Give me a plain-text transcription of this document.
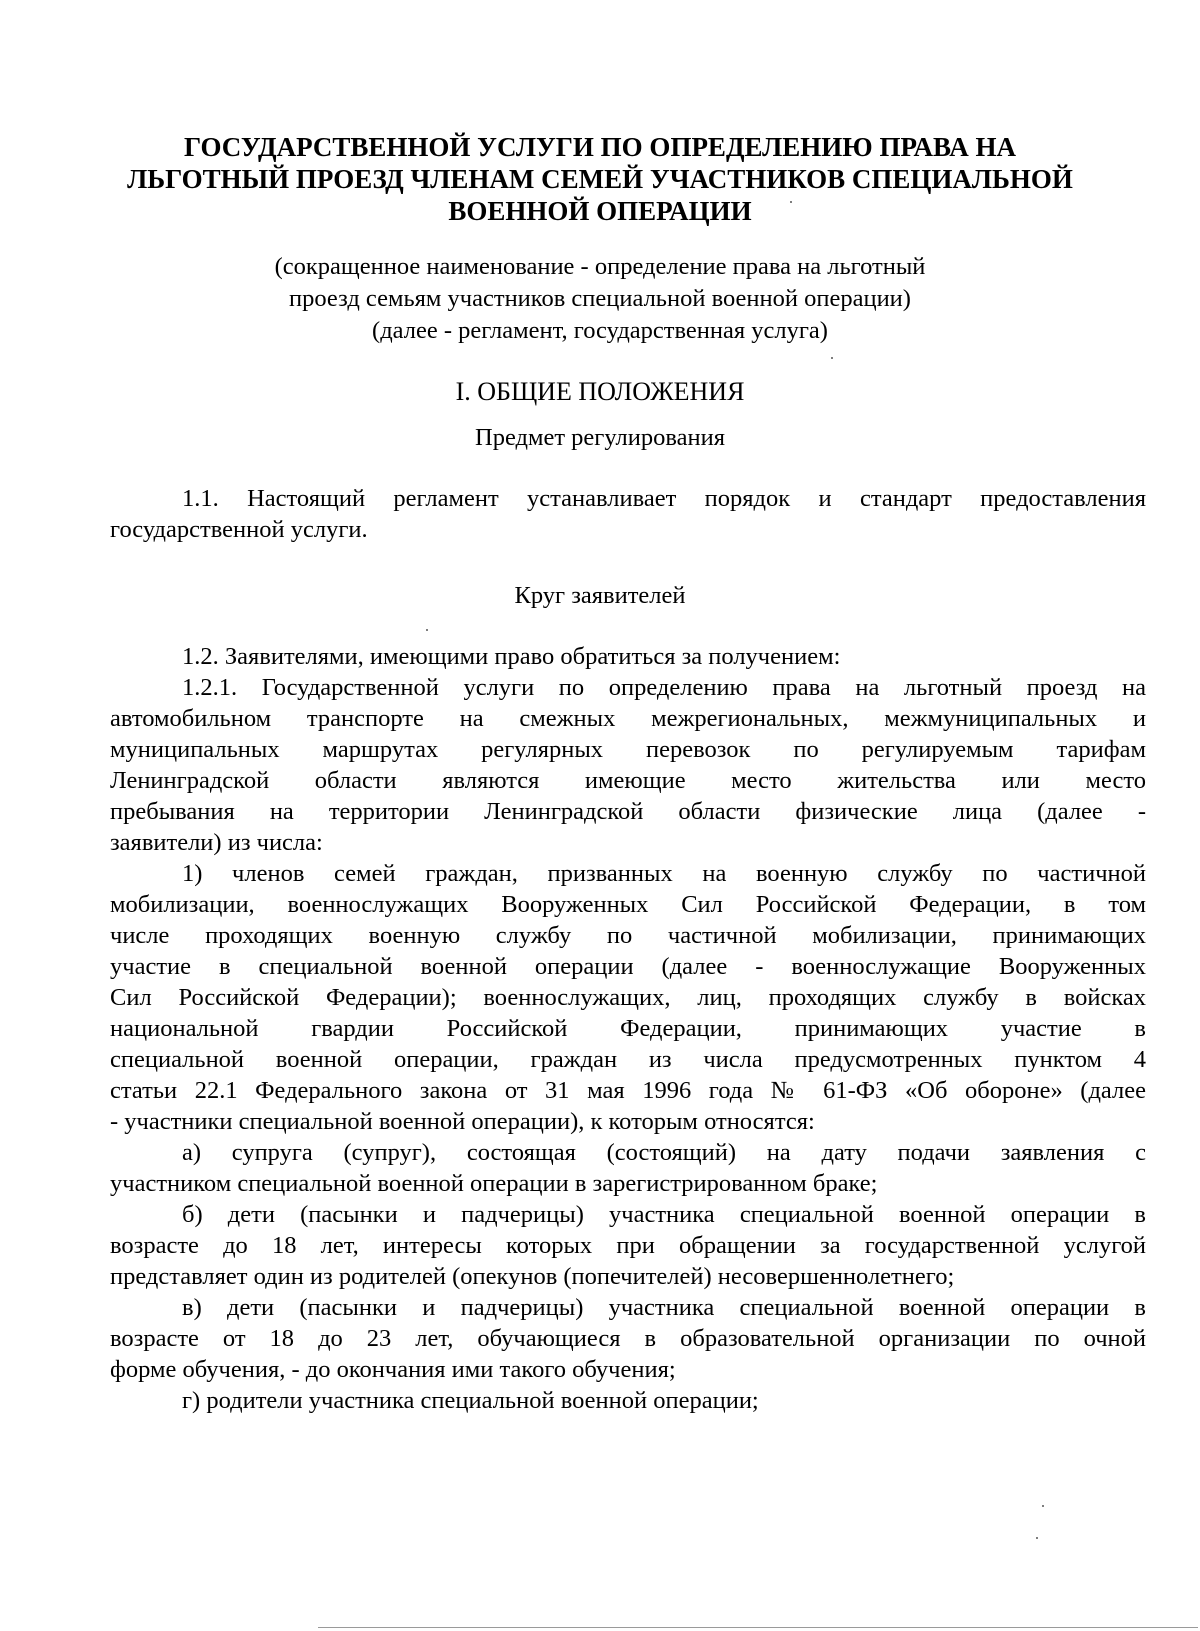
ГОСУДАРСТВЕННОЙ УСЛУГИ ПО ОПРЕДЕЛЕНИЮ ПРАВА НА
ЛЬГОТНЫЙ ПРОЕЗД ЧЛЕНАМ СЕМЕЙ УЧАСТНИКОВ СПЕЦИАЛЬНОЙ
ВОЕННОЙ ОПЕРАЦИИ
(сокращенное наименование - определение права на льготный
проезд семьям участников специальной военной операции)
(далее - регламент, государственная услуга)
I. ОБЩИЕ ПОЛОЖЕНИЯ
Предмет регулирования
1.1. Настоящий регламент устанавливает порядок и стандарт предоставления
государственной услуги.
Круг заявителей
1.2. Заявителями, имеющими право обратиться за получением:
1.2.1. Государственной услуги по определению права на льготный проезд на
автомобильном транспорте на смежных межрегиональных, межмуниципальных и
муниципальных маршрутах регулярных перевозок по регулируемым тарифам
Ленинградской области являются имеющие место жительства или место
пребывания на территории Ленинградской области физические лица (далее -
заявители) из числа:
1) членов семей граждан, призванных на военную службу по частичной
мобилизации, военнослужащих Вооруженных Сил Российской Федерации, в том
числе проходящих военную службу по частичной мобилизации, принимающих
участие в специальной военной операции (далее - военнослужащие Вооруженных
Сил Российской Федерации); военнослужащих, лиц, проходящих службу в войсках
национальной гвардии Российской Федерации, принимающих участие в
специальной военной операции, граждан из числа предусмотренных пунктом 4
статьи 22.1 Федерального закона от 31 мая 1996 года № 61-ФЗ «Об обороне» (далее
- участники специальной военной операции), к которым относятся:
а) супруга (супруг), состоящая (состоящий) на дату подачи заявления с
участником специальной военной операции в зарегистрированном браке;
б) дети (пасынки и падчерицы) участника специальной военной операции в
возрасте до 18 лет, интересы которых при обращении за государственной услугой
представляет один из родителей (опекунов (попечителей) несовершеннолетнего;
в) дети (пасынки и падчерицы) участника специальной военной операции в
возрасте от 18 до 23 лет, обучающиеся в образовательной организации по очной
форме обучения, - до окончания ими такого обучения;
г) родители участника специальной военной операции;
